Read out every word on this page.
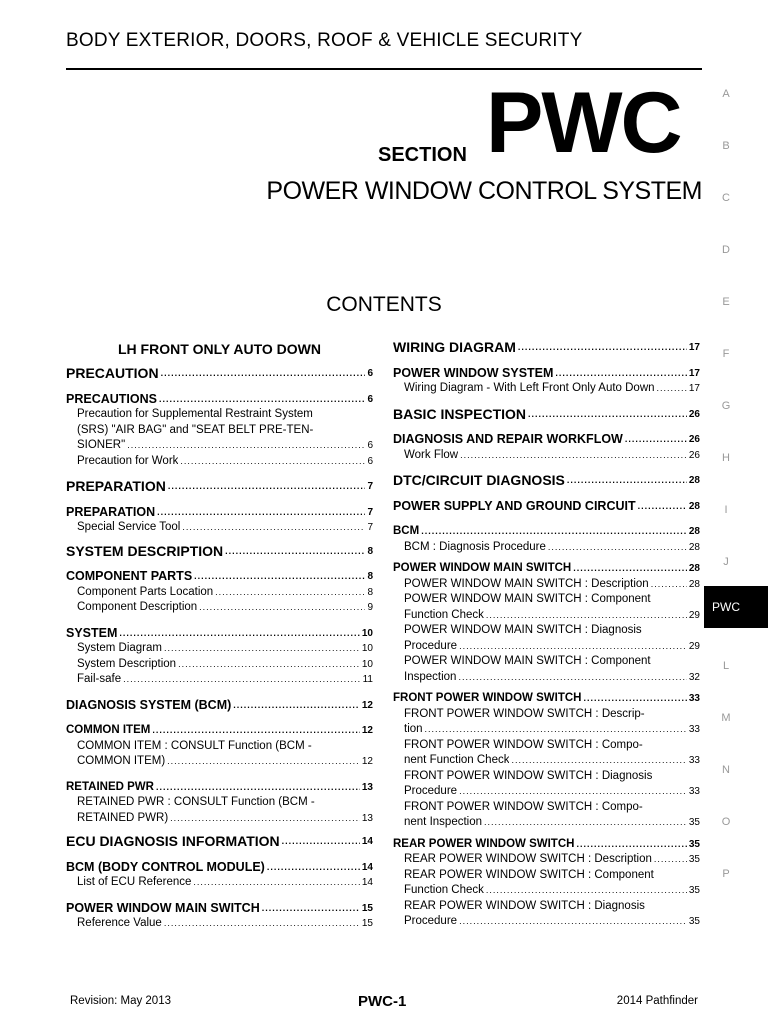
BODY EXTERIOR, DOORS, ROOF & VEHICLE SECURITY
SECTION PWC
POWER WINDOW CONTROL SYSTEM
CONTENTS
A
B
C
D
E
F
G
H
I
J
L
M
N
O
P
PWC
LH FRONT ONLY AUTO DOWN
PRECAUTION .....	6
PRECAUTIONS .....	6
Precaution for Supplemental Restraint System
(SRS) "AIR BAG" and "SEAT BELT PRE-TEN-
SIONER" .....	6
Precaution for Work .....	6
PREPARATION .....	7
PREPARATION .....	7
Special Service Tool .....	7
SYSTEM DESCRIPTION .....	8
COMPONENT PARTS .....	8
Component Parts Location .....	8
Component Description .....	9
SYSTEM .....	10
System Diagram .....	10
System Description .....	10
Fail-safe .....	11
DIAGNOSIS SYSTEM (BCM) .....	12
COMMON ITEM .....	12
COMMON ITEM : CONSULT Function (BCM -
COMMON ITEM) .....	12
RETAINED PWR .....	13
RETAINED PWR : CONSULT Function (BCM -
RETAINED PWR) .....	13
ECU DIAGNOSIS INFORMATION .....	14
BCM (BODY CONTROL MODULE) .....	14
List of ECU Reference .....	14
POWER WINDOW MAIN SWITCH .....	15
Reference Value .....	15
WIRING DIAGRAM .....	17
POWER WINDOW SYSTEM .....	17
Wiring Diagram - With Left Front Only Auto Down .....	17
BASIC INSPECTION .....	26
DIAGNOSIS AND REPAIR WORKFLOW .....	26
Work Flow .....	26
DTC/CIRCUIT DIAGNOSIS .....	28
POWER SUPPLY AND GROUND CIRCUIT .....	28
BCM .....	28
BCM : Diagnosis Procedure .....	28
POWER WINDOW MAIN SWITCH .....	28
POWER WINDOW MAIN SWITCH : Description .....	28
POWER WINDOW MAIN SWITCH : Component
Function Check .....	29
POWER WINDOW MAIN SWITCH : Diagnosis
Procedure .....	29
POWER WINDOW MAIN SWITCH : Component
Inspection .....	32
FRONT POWER WINDOW SWITCH .....	33
FRONT POWER WINDOW SWITCH : Descrip-
tion .....	33
FRONT POWER WINDOW SWITCH : Compo-
nent Function Check .....	33
FRONT POWER WINDOW SWITCH : Diagnosis
Procedure .....	33
FRONT POWER WINDOW SWITCH : Compo-
nent Inspection .....	35
REAR POWER WINDOW SWITCH .....	35
REAR POWER WINDOW SWITCH : Description .....	35
REAR POWER WINDOW SWITCH : Component
Function Check .....	35
REAR POWER WINDOW SWITCH : Diagnosis
Procedure .....	35
Revision: May 2013	PWC-1	2014 Pathfinder
